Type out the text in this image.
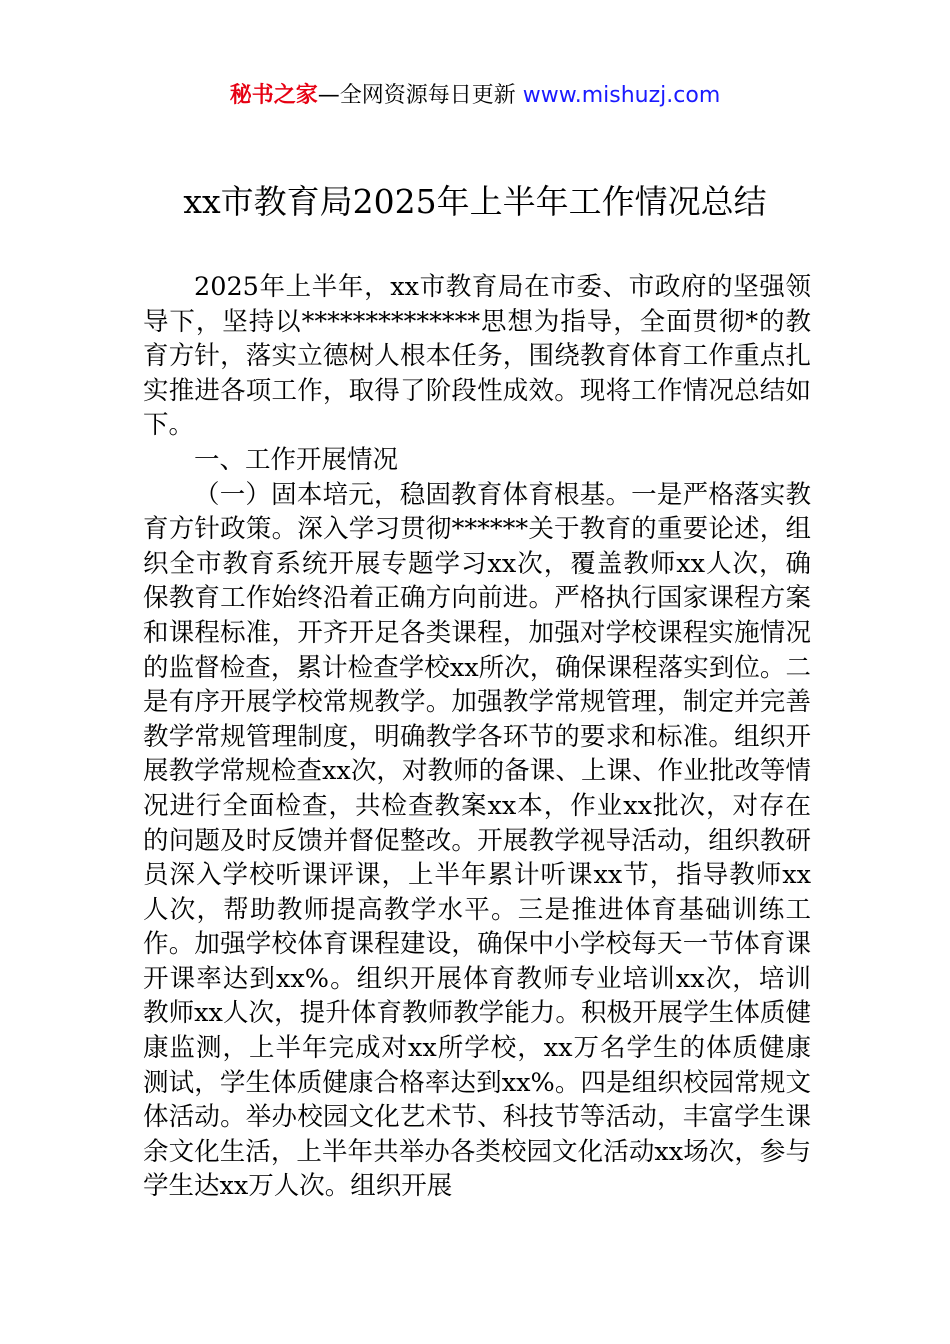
秘书之家—全网资源每日更新 www.mishuzj.com
xx市教育局2025年上半年工作情况总结

2025年上半年，xx市教育局在市委、市政府的坚强领导下，坚持以**************思想为指导，全面贯彻*的教育方针，落实立德树人根本任务，围绕教育体育工作重点扎实推进各项工作，取得了阶段性成效。现将工作情况总结如下。

一、工作开展情况

（一）固本培元，稳固教育体育根基。一是严格落实教育方针政策。深入学习贯彻******关于教育的重要论述，组织全市教育系统开展专题学习xx次，覆盖教师xx人次，确保教育工作始终沿着正确方向前进。严格执行国家课程方案和课程标准，开齐开足各类课程，加强对学校课程实施情况的监督检查，累计检查学校xx所次，确保课程落实到位。二是有序开展学校常规教学。加强教学常规管理，制定并完善教学常规管理制度，明确教学各环节的要求和标准。组织开展教学常规检查xx次，对教师的备课、上课、作业批改等情况进行全面检查，共检查教案xx本，作业xx批次，对存在的问题及时反馈并督促整改。开展教学视导活动，组织教研员深入学校听课评课，上半年累计听课xx节，指导教师xx人次，帮助教师提高教学水平。三是推进体育基础训练工作。加强学校体育课程建设，确保中小学校每天一节体育课开课率达到xx%。组织开展体育教师专业培训xx次，培训教师xx人次，提升体育教师教学能力。积极开展学生体质健康监测，上半年完成对xx所学校，xx万名学生的体质健康测试，学生体质健康合格率达到xx%。四是组织校园常规文体活动。举办校园文化艺术节、科技节等活动，丰富学生课余文化生活，上半年共举办各类校园文化活动xx场次，参与学生达xx万人次。组织开展
